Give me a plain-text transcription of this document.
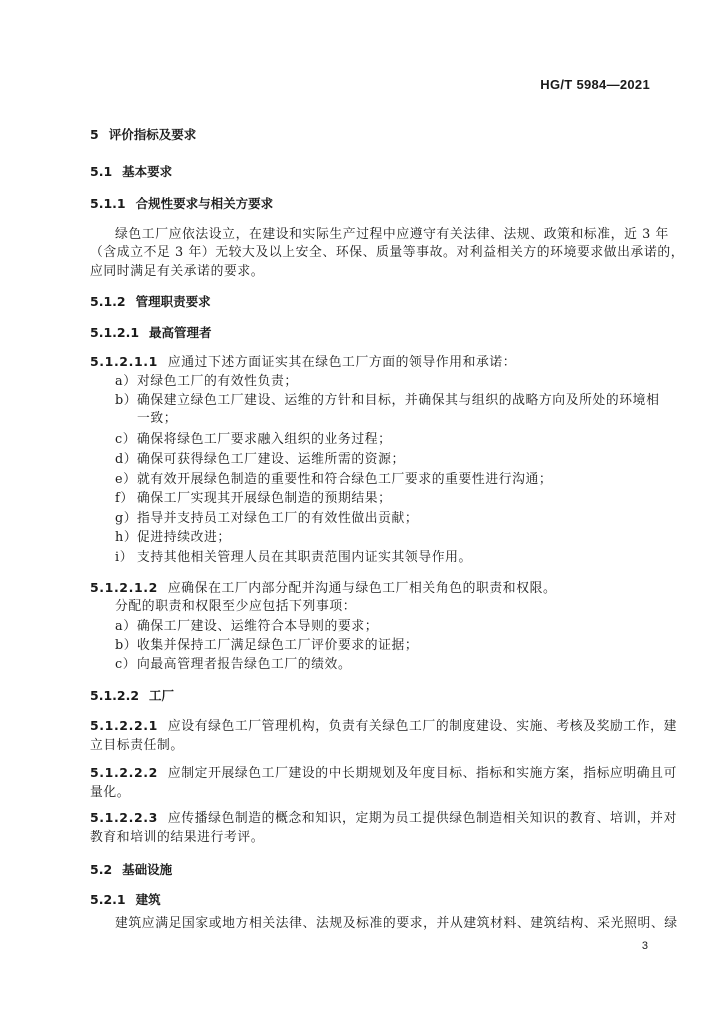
HG/T 5984—2021
5 评价指标及要求
5.1 基本要求
5.1.1 合规性要求与相关方要求
绿色工厂应依法设立，在建设和实际生产过程中应遵守有关法律、法规、政策和标准，近 3 年
（含成立不足 3 年）无较大及以上安全、环保、质量等事故。对利益相关方的环境要求做出承诺的，
应同时满足有关承诺的要求。
5.1.2 管理职责要求
5.1.2.1 最高管理者
5.1.2.1.1 应通过下述方面证实其在绿色工厂方面的领导作用和承诺：
a）对绿色工厂的有效性负责；
b）确保建立绿色工厂建设、运维的方针和目标，并确保其与组织的战略方向及所处的环境相
一致；
c）确保将绿色工厂要求融入组织的业务过程；
d）确保可获得绿色工厂建设、运维所需的资源；
e）就有效开展绿色制造的重要性和符合绿色工厂要求的重要性进行沟通；
f） 确保工厂实现其开展绿色制造的预期结果；
g）指导并支持员工对绿色工厂的有效性做出贡献；
h）促进持续改进；
i） 支持其他相关管理人员在其职责范围内证实其领导作用。
5.1.2.1.2 应确保在工厂内部分配并沟通与绿色工厂相关角色的职责和权限。
分配的职责和权限至少应包括下列事项：
a）确保工厂建设、运维符合本导则的要求；
b）收集并保持工厂满足绿色工厂评价要求的证据；
c）向最高管理者报告绿色工厂的绩效。
5.1.2.2 工厂
5.1.2.2.1 应设有绿色工厂管理机构，负责有关绿色工厂的制度建设、实施、考核及奖励工作，建
立目标责任制。
5.1.2.2.2 应制定开展绿色工厂建设的中长期规划及年度目标、指标和实施方案，指标应明确且可
量化。
5.1.2.2.3 应传播绿色制造的概念和知识，定期为员工提供绿色制造相关知识的教育、培训，并对
教育和培训的结果进行考评。
5.2 基础设施
5.2.1 建筑
建筑应满足国家或地方相关法律、法规及标准的要求，并从建筑材料、建筑结构、采光照明、绿
3
